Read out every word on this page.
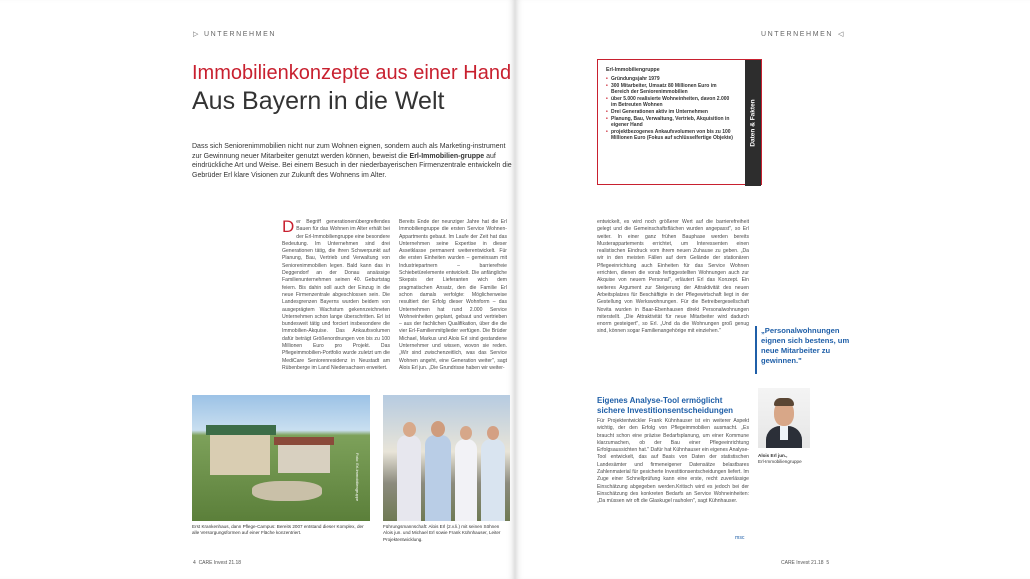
▷ UNTERNEHMEN
Immobilienkonzepte aus einer Hand
Aus Bayern in die Welt
Dass sich Seniorenimmobilien nicht nur zum Wohnen eignen, sondern auch als Marketing-instrument zur Gewinnung neuer Mitarbeiter genutzt werden können, beweist die Erl-Immobilien-gruppe auf eindrückliche Art und Weise. Bei einem Besuch in der niederbayerischen Firmenzentrale entwickeln die Gebrüder Erl klare Visionen zur Zukunft des Wohnens im Alter.
Der Begriff generationenübergreifendes Bauen für das Wohnen im Alter erhält bei der Erl-Immobiliengruppe eine besondere Bedeutung. Im Unternehmen sind drei Generationen tätig, die ihren Schwerpunkt auf Planung, Bau, Vertrieb und Verwaltung von Seniorenimmobilien legen. Bald kann das in Deggendorf an der Donau ansässige Familienunternehmen seinen 40. Geburtstag feiern. Bis dahin soll auch der Einzug in die neue Firmenzentrale abgeschlossen sein. Die Landesgrenzen Bayerns wurden beidem von ausgeprägtem Wachstum gekennzeichneten Unternehmen schon lange überschritten. Erl ist bundesweit tätig und forciert insbesondere die Immobilien-Akquise. Das Ankaufsvolumen dafür beträgt Größenordnungen von bis zu 100 Millionen Euro pro Projekt. Das Pflegeimmobilien-Portfolio wurde zuletzt um die MediCare Seniorenresidenz in Neustadt am Rübenberge im Land Niedersachsen erweitert.
Bereits Ende der neunziger Jahre hat die Erl Immobiliengruppe die ersten Service Wohnen-Appartments gebaut. Im Laufe der Zeit hat das Unternehmen seine Expertise in dieser Assetklasse permanent weiterentwickelt. Für die ersten Einheiten wurden – gemeinsam mit Industriepartnern – barrierefreie Schiebetürelemente entwickelt. Die anfängliche Skepsis der Lieferanten wich dem pragmatischen Ansatz, den die Familie Erl schon damals verfolgte: Möglicherweise resultiert der Erfolg dieser Wohnform – das Unternehmen hat rund 2.000 Service Wohneinheiten geplant, gebaut und vertrieben – aus der fachlichen Qualifikation, über die die vier Erl-Familienmitglieder verfügen. Die Brüder Michael, Markus und Alois Erl sind gestandene Unternehmer und wissen, wovon sie reden. „Wir sind zwischenzeitlich, was das Service Wohnen angeht, eine Generation weiter", sagt Alois Erl jun. „Die Grundrisse haben wir weiter-
Foto: Erl-Immobiliengruppe
Erst Krankenhaus, dann Pflege-Campus: Bereits 2007 entstand dieser Komplex, der alle Versorgungsformen auf einer Fläche konzentriert.
Führungsmannschaft: Alois Erl (2.v.li.) mit seinen Söhnen Alois jun. und Michael Erl sowie Frank Kühnhauser, Leiter Projektentwicklung.
4 CARE Invest 21.18
UNTERNEHMEN ◁
Erl-Immobiliengruppe
• Gründungsjahr 1979
• 300 Mitarbeiter, Umsatz 80 Millionen Euro im Bereich der Seniorenimmobilien
• über 5.000 realisierte Wohneinheiten, davon 2.000 im Betreuten Wohnen
• Drei Generationen aktiv im Unternehmen
• Planung, Bau, Verwaltung, Vertrieb, Akquisition in eigener Hand
• projektbezogenes Ankaufsvolumen von bis zu 100 Millionen Euro (Fokus auf schlüsselfertige Objekte)	Daten & Fakten
entwickelt, es wird noch größerer Wert auf die barrierefreiheit gelegt und die Gemeinschaftsflächen wurden angepasst", so Erl weiter. In einer ganz frühen Bauphase werden bereits Musterappartements errichtet, um Interessenten einen realistischen Eindruck vom ihrem neuen Zuhause zu geben. „Da wir in den meisten Fällen auf dem Gelände der stationären Pflegeeinrichtung auch Einheiten für das Service Wohnen errichten, dienen die vorab fertiggestellten Wohnungen auch zur Akquise von neuem Personal", erläutert Erl das Konzept. Ein weiteres Argument zur Steigerung der Attraktivität des neuen Arbeitsplatzes für Beschäftigte in der Pflegewirtschaft liegt in der Gestellung von Werkswohnungen. Für die Betreibergesellschaft Novita wurden in Baar-Ebenhausen direkt Personalwohnungen mitersteIlt. „Die Attraktivität für neue Mitarbeiter wird dadurch enorm gesteigert", so Erl. „Und da die Wohnungen groß genug sind, können sogar Familienangehörige mit einziehen."
Eigenes Analyse-Tool ermöglicht sichere Investitionsentscheidungen
Für Projektentwickler Frank Kühnhauser ist ein weiterer Aspekt wichtig, der den Erfolg von Pflegeimmobilien ausmacht. „Es braucht schon eine präzise Bedarfsplanung, um einer Kommune klarzumachen, ob der Bau einer Pflegeeinrichtung Erfolgsaussichten hat." Dafür hat Kühnhauser ein eigenes Analyse-Tool entwickelt, das auf Basis von Daten der statistischen Landesämter und firmeneigener Datensätze belastbares Zahlenmaterial für gesicherte Investitionsentscheidungen liefert. Im Zuge einer Schnellprüfung kann eine erste, recht zuverlässige Einschätzung abgegeben werden.Kritisch wird es jedoch bei der Einschätzung des konkreten Bedarfs an Service Wohneinheiten: „Da müssen wir oft die Glaskugel rauholen", sagt Kühnhauser.
msc
„Personalwohnungen eignen sich bestens, um neue Mitarbeiter zu gewinnen."
Alois Erl jun.,
Erl-Immobiliengruppe
CARE Invest 21.18 5
